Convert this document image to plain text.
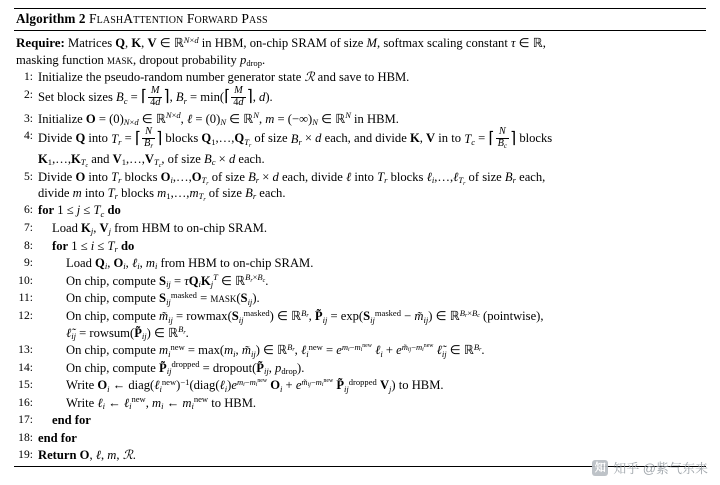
Algorithm 2 FlashAttention Forward Pass
Require: Matrices Q, K, V ∈ ℝ$^{N\times d}$ in HBM, on-chip SRAM of size M, softmax scaling constant τ ∈ ℝ,
masking function mask, dropout probability $p_{drop}$.
1: Initialize the pseudo-random number generator state ℛ and save to HBM.
2: Set block sizes $B_c$ = ⌈ $\frac{M}{4d}$ ⌉, $B_r$ = min(⌈ $\frac{M}{4d}$ ⌉, d).
3: Initialize $O = (0)_{N\times d}$ ∈ ℝ$^{N\times d}$, ℓ = $(0)_N$ ∈ ℝ$^N$, $m = (-\infty)_N$ ∈ ℝ$^N$ in HBM.
4: Divide Q into $T_r$ = ⌈ $\frac{N}{B_r}$ ⌉ blocks $Q_1,\dots,Q_{T_r}$ of size $B_r \times d$ each, and divide K, V in to $T_c$ = ⌈ $\frac{N}{B_c}$ ⌉ blocks
$K_1,\dots,K_{T_c}$ and $V_1,\dots,V_{T_c}$, of size $B_c \times d$ each.
5: Divide O into $T_r$ blocks $O_i,\dots,O_{T_r}$ of size $B_r \times d$ each, divide ℓ into $T_r$ blocks ℓ$_i$,…,ℓ$_{T_r}$ of size $B_r$ each,
divide m into $T_r$ blocks $m_1,\dots,m_{T_r}$ of size $B_r$ each.
6: for $1 \le j \le T_c$ do
7:	Load $K_j$, $V_j$ from HBM to on-chip SRAM.
8:	for $1 \le i \le T_r$ do
9:	Load $Q_i$, $O_i$, ℓ$_i$, $m_i$ from HBM to on-chip SRAM.
10:	On chip, compute $S_{ij} = \tau Q_iK_j^T$ ∈ ℝ$^{B_r\times B_c}$.
11:	On chip, compute $S_{ij}^{masked}$ = $mask(S_{ij})$.
12:	On chip, compute $m̃_{ij} = rowmax(S_{ij}^{masked})$ ∈ ℝ$^{B_r}$, $P̃_{ij} = \exp(S_{ij}^{masked}$ − $m̃_{ij}$) ∈ ℝ$^{B_r\times B_c}$ (pointwise),
$\ell̃_{ij}$ = $rowsum(P̃_{ij})$ ∈ ℝ$^{B_r}$.
13:	On chip, compute $m_i^{new} = \max(m_i$, $m̃_{ij}$) ∈ ℝ$^{B_r}$, ℓ$_i^{new}$ = $e^{m_i-m_i^{new}}$ ℓ$_i$ + $e^{m̃_{ij}-m_i^{new}}$ $\ell̃_{ij}$ ∈ ℝ$^{B_r}$.
14:	On chip, compute $P̃_{ij}^{dropped}$ = $dropout(P̃_{ij}$, $p_{drop}$).
15:	Write $O_i$ ← $diag(\ell_i^{new})^{-1}(diag(\ell_i)e^{m_i-m_i^{new}}$ $O_i + e^{m̃_{ij}-m_i^{new}}$ $P̃_{ij}^{dropped}$ $V_j$) to HBM.
16:	Write ℓ$_i$ ← ℓ$_i^{new}$, $m_i$ ← $m_i^{new}$ to HBM.
17:	end for
18: end for
19: Return O, ℓ, m, ℛ.
知 知乎 @紫气东来
